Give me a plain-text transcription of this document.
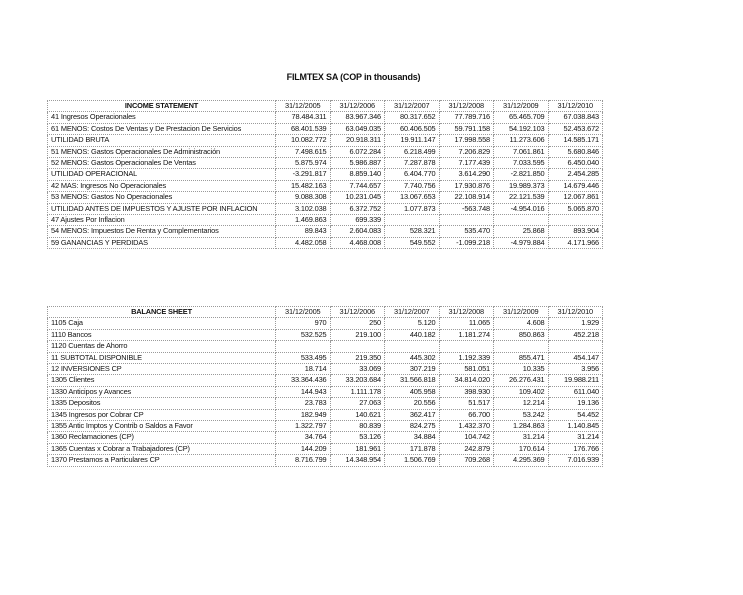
FILMTEX SA (COP in thousands)
INCOME STATEMENT	31/12/2005	31/12/2006	31/12/2007	31/12/2008	31/12/2009	31/12/2010
41 Ingresos Operacionales	78.484.311	83.967.346	80.317.652	77.789.716	65.465.709	67.038.843
61 MENOS: Costos De Ventas y De Prestacion De Servicios	68.401.539	63.049.035	60.406.505	59.791.158	54.192.103	52.453.672
UTILIDAD BRUTA	10.082.772	20.918.311	19.911.147	17.998.558	11.273.606	14.585.171
51 MENOS: Gastos Operacionales De Administración	7.498.615	6.072.284	6.218.499	7.206.829	7.061.861	5.680.846
52 MENOS: Gastos Operacionales De Ventas	5.875.974	5.986.887	7.287.878	7.177.439	7.033.595	6.450.040
UTILIDAD OPERACIONAL	-3.291.817	8.859.140	6.404.770	3.614.290	-2.821.850	2.454.285
42 MAS: Ingresos No Operacionales	15.482.163	7.744.657	7.740.756	17.930.876	19.989.373	14.679.446
53 MENOS: Gastos No Operacionales	9.088.308	10.231.045	13.067.653	22.108.914	22.121.539	12.067.861
UTILIDAD ANTES DE IMPUESTOS Y AJUSTE POR INFLACION	3.102.038	6.372.752	1.077.873	-563.748	-4.954.016	5.065.870
47 Ajustes Por Inflacion	1.469.863	699.339				
54 MENOS: Impuestos De Renta y Complementarios	89.843	2.604.083	528.321	535.470	25.868	893.904
59 GANANCIAS Y PERDIDAS	4.482.058	4.468.008	549.552	-1.099.218	-4.979.884	4.171.966
BALANCE SHEET	31/12/2005	31/12/2006	31/12/2007	31/12/2008	31/12/2009	31/12/2010
1105 Caja	970	250	5.120	11.065	4.608	1.929
1110 Bancos	532.525	219.100	440.182	1.181.274	850.863	452.218
1120 Cuentas de Ahorro						
11 SUBTOTAL DISPONIBLE	533.495	219.350	445.302	1.192.339	855.471	454.147
12 INVERSIONES CP	18.714	33.069	307.219	581.051	10.335	3.956
1305 Clientes	33.364.436	33.203.684	31.566.818	34.814.020	26.276.431	19.988.211
1330 Anticipos y Avances	144.943	1.111.178	405.958	398.930	109.402	611.040
1335 Depositos	23.783	27.063	20.556	51.517	12.214	19.136
1345 Ingresos por Cobrar CP	182.949	140.621	362.417	66.700	53.242	54.452
1355 Antic Imptos y Contrib o Saldos a Favor	1.322.797	80.839	824.275	1.432.370	1.284.863	1.140.845
1360 Reclamaciones (CP)	34.764	53.126	34.884	104.742	31.214	31.214
1365 Cuentas x Cobrar a Trabajadores (CP)	144.209	181.961	171.878	242.879	170.614	176.766
1370 Prestamos a Particulares CP	8.716.799	14.348.954	1.506.769	709.268	4.295.369	7.016.939
